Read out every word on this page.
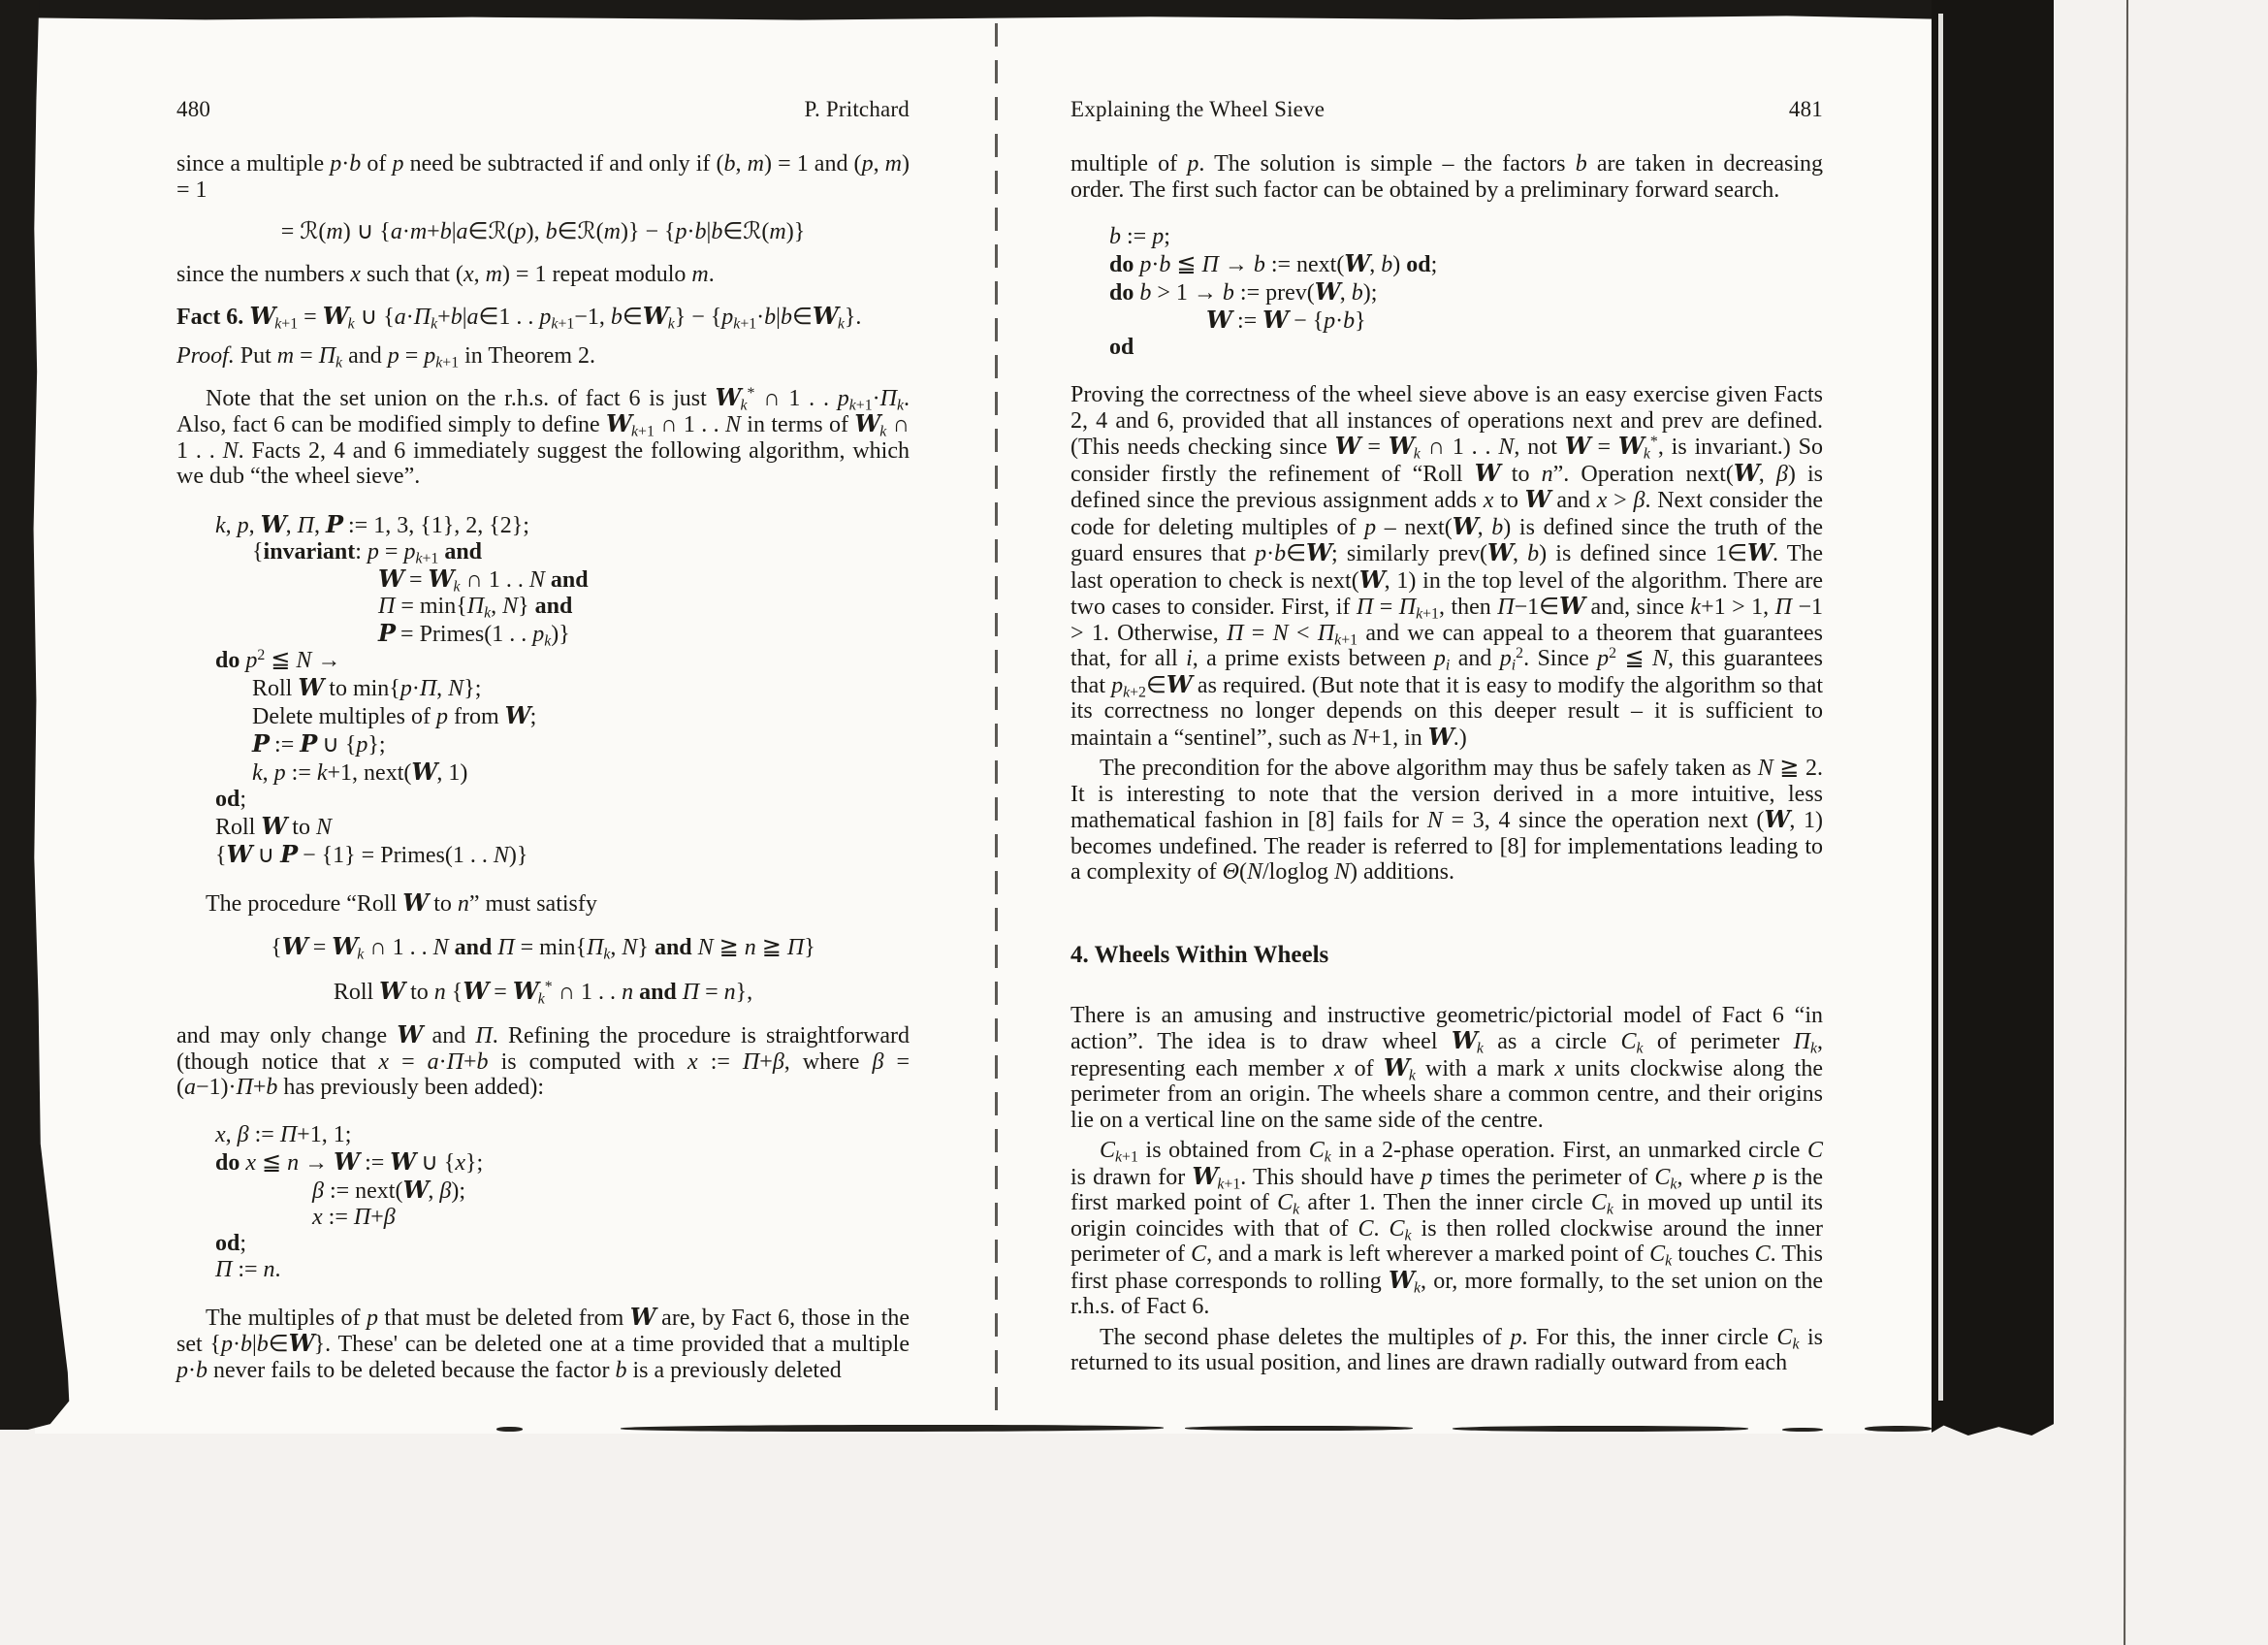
480	P. Pritchard

since a multiple p·b of p need be subtracted if and only if (b, m) = 1 and (p, m) = 1

= ℛ(m) ∪ {a·m+b|a∈ℛ(p), b∈ℛ(m)} − {p·b|b∈ℛ(m)}

since the numbers x such that (x, m) = 1 repeat modulo m.

Fact 6. $W_{k+1} = W_k$ ∪ {$a\cdot\Pi_k+b|a\in 1$ . . $p_{k+1}-1$, $b\in W_k$} − $\{p_{k+1}\cdot b|b\in W_k\}$.

Proof. Put $m = \Pi_k$ and $p = p_{k+1}$ in Theorem 2.

Note that the set union on the r.h.s. of fact 6 is just $W_k^*$ ∩ 1 . . $p_{k+1}\cdot\Pi_k$. Also, fact 6 can be modified simply to define $W_{k+1}$ ∩ 1 . . N in terms of $W_k$ ∩ 1 . . N. Facts 2, 4 and 6 immediately suggest the following algorithm, which we dub “the wheel sieve”.

k, p, W, Π, P := 1, 3, {1}, 2, {2};
{invariant: $p = p_{k+1}$ and
$W = W_k$ ∩ 1 . . N and
$\Pi = \min\{\Pi_k$, N} and
P = Primes(1 . . $p_k$)}
do $p^2$ ≦ N →
Roll W to min{p·Π, N};
Delete multiples of p from W;
P := P ∪ {p};
k, p := k+1, next(W, 1)
od;
Roll W to N
{W ∪ P − {1} = Primes(1 . . N)}

The procedure “Roll W to n” must satisfy

{$W = W_k$ ∩ 1 . . N and $\Pi = \min\{\Pi_k$, N} and N ≧ n ≧ Π}
Roll W to n {$W = W_k^*$ ∩ 1 . . n and Π = n},

and may only change W and Π. Refining the procedure is straightforward (though notice that x = a·Π+b is computed with x := Π+β, where β = (a−1)·Π+b has previously been added):

x, β := Π+1, 1;
do x ≦ n → W := W ∪ {x};
β := next(W, β);
x := Π+β
od;
Π := n.

The multiples of p that must be deleted from W are, by Fact 6, those in the set {p·b|b∈W}. These' can be deleted one at a time provided that a multiple p·b never fails to be deleted because the factor b is a previously deleted

Explaining the Wheel Sieve	481

multiple of p. The solution is simple – the factors b are taken in decreasing order. The first such factor can be obtained by a preliminary forward search.

b := p;
do p·b ≦ Π → b := next(W, b) od;
do b > 1 → b := prev(W, b);
W := W − {p·b}
od

Proving the correctness of the wheel sieve above is an easy exercise given Facts 2, 4 and 6, provided that all instances of operations next and prev are defined. (This needs checking since $W = W_k$ ∩ 1 . . N, not $W = W_k^*$, is invariant.) So consider firstly the refinement of “Roll W to n”. Operation next(W, β) is defined since the previous assignment adds x to W and x > β. Next consider the code for deleting multiples of p – next(W, b) is defined since the truth of the guard ensures that p·b∈W; similarly prev(W, b) is defined since 1∈W. The last operation to check is next(W, 1) in the top level of the algorithm. There are two cases to consider. First, if $\Pi = \Pi_{k+1}$, then Π−1∈W and, since k+1 > 1, Π −1 > 1. Otherwise, $\Pi = N < \Pi_{k+1}$ and we can appeal to a theorem that guarantees that, for all i, a prime exists between $p_i$ and $p_i^2$. Since $p^2$ ≦ N, this guarantees that $p_{k+2}\in W$ as required. (But note that it is easy to modify the algorithm so that its correctness no longer depends on this deeper result – it is sufficient to maintain a “sentinel”, such as N+1, in W.)

The precondition for the above algorithm may thus be safely taken as N ≧ 2. It is interesting to note that the version derived in a more intuitive, less mathematical fashion in [8] fails for N = 3, 4 since the operation next (W, 1) becomes undefined. The reader is referred to [8] for implementations leading to a complexity of Θ(N/loglog N) additions.

4. Wheels Within Wheels

There is an amusing and instructive geometric/pictorial model of Fact 6 “in action”. The idea is to draw wheel $W_k$ as a circle $C_k$ of perimeter $\Pi_k$, representing each member x of $W_k$ with a mark x units clockwise along the perimeter from an origin. The wheels share a common centre, and their origins lie on a vertical line on the same side of the centre.

$C_{k+1}$ is obtained from $C_k$ in a 2-phase operation. First, an unmarked circle C is drawn for $W_{k+1}$. This should have p times the perimeter of $C_k$, where p is the first marked point of $C_k$ after 1. Then the inner circle $C_k$ in moved up until its origin coincides with that of C. $C_k$ is then rolled clockwise around the inner perimeter of C, and a mark is left wherever a marked point of $C_k$ touches C. This first phase corresponds to rolling $W_k$, or, more formally, to the set union on the r.h.s. of Fact 6.

The second phase deletes the multiples of p. For this, the inner circle $C_k$ is returned to its usual position, and lines are drawn radially outward from each
